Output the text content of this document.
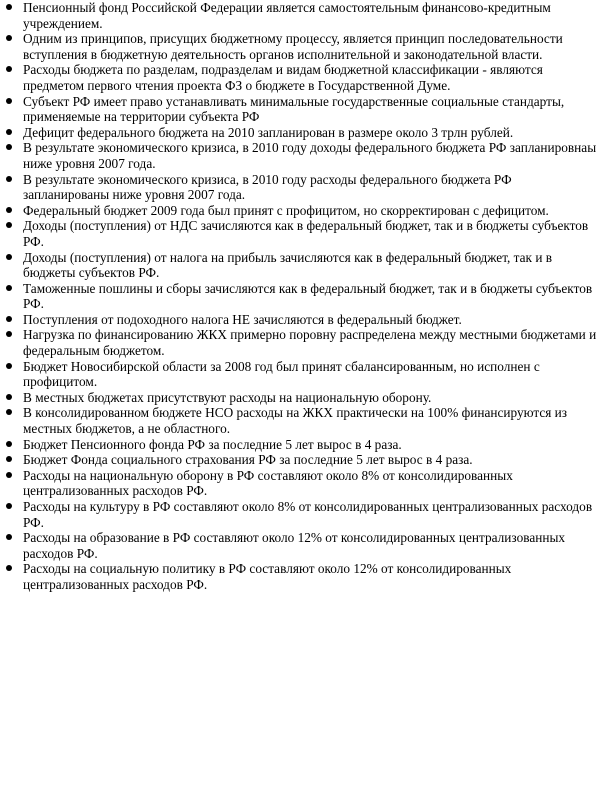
Пенсионный фонд Российской Федерации является самостоятельным финансово-кредитным учреждением.
Одним из принципов, присущих бюджетному процессу, является принцип последовательности вступления в бюджетную деятельность органов исполнительной и законодательной власти.
Расходы бюджета по разделам, подразделам и видам бюджетной классификации - являются предметом первого чтения проекта ФЗ о бюджете в Государственной Думе.
Субъект РФ имеет право устанавливать минимальные государственные социальные стандарты, применяемые на территории субъекта РФ
Дефицит федерального бюджета на 2010 запланирован в размере около 3 трлн рублей.
В результате экономического кризиса, в 2010 году доходы федерального бюджета РФ запланировнаы ниже уровня 2007 года.
В результате экономического кризиса, в 2010 году расходы федерального бюджета РФ запланированы ниже уровня 2007 года.
Федеральный бюджет 2009 года был принят с профицитом, но скорректирован с дефицитом.
Доходы (поступления) от НДС зачисляются как в федеральный бюджет, так и в бюджеты субъектов РФ.
Доходы (поступления) от налога на прибыль зачисляются как в федеральный бюджет, так и в бюджеты субъектов РФ.
Таможенные пошлины и сборы зачисляются как в федеральный бюджет, так и в бюджеты субъектов РФ.
Поступления от подоходного налога НЕ зачисляются в федеральный бюджет.
Нагрузка по финансированию ЖКХ примерно поровну распределена между местными бюджетами и федеральным бюджетом.
Бюджет Новосибирской области за 2008 год был принят сбалансированным, но исполнен с профицитом.
В местных бюджетах присутствуют расходы на национальную оборону.
В консолидированном бюджете НСО расходы на ЖКХ практически на 100% финансируются из местных бюджетов, а не областного.
Бюджет Пенсионного фонда РФ за последние 5 лет вырос в 4 раза.
Бюджет Фонда социального страхования РФ за последние 5 лет вырос в 4 раза.
Расходы на национальную оборону в РФ составляют около 8% от консолидированных централизованных расходов РФ.
Расходы на культуру в РФ составляют около 8% от консолидированных централизованных расходов РФ.
Расходы на образование в РФ составляют около 12% от консолидированных централизованных расходов РФ.
Расходы на социальную политику в РФ составляют около 12% от консолидированных централизованных расходов РФ.
